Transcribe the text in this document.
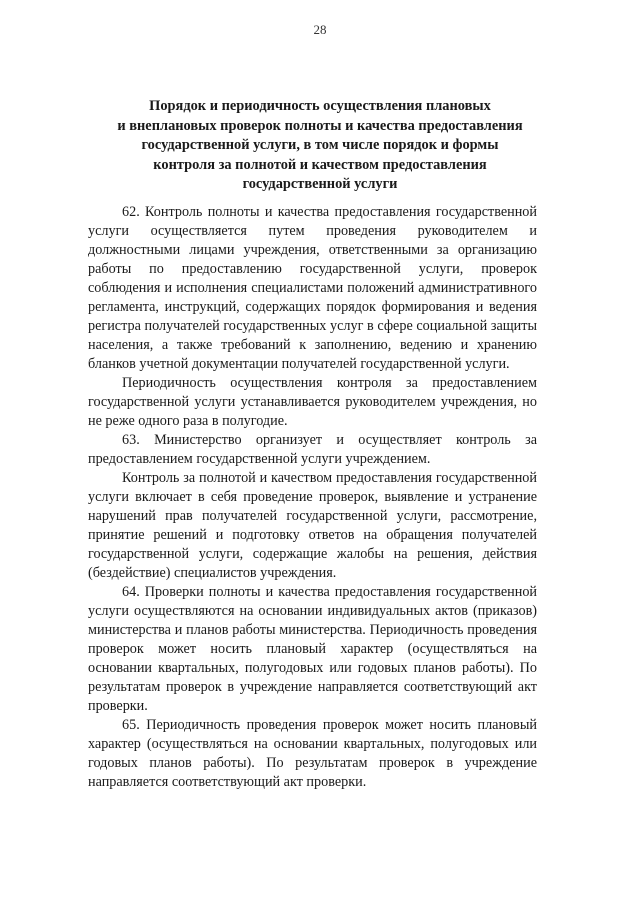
28
Порядок и периодичность осуществления плановых
и внеплановых проверок полноты и качества предоставления
государственной услуги, в том числе порядок и формы
контроля за полнотой и качеством предоставления
государственной услуги

62. Контроль полноты и качества предоставления государственной услуги осуществляется путем проведения руководителем и должностными лицами учреждения, ответственными за организацию работы по предоставлению государственной услуги, проверок соблюдения и исполнения специалистами положений административного регламента, инструкций, содержащих порядок формирования и ведения регистра получателей государственных услуг в сфере социальной защиты населения, а также требований к заполнению, ведению и хранению бланков учетной документации получателей государственной услуги.

Периодичность осуществления контроля за предоставлением государственной услуги устанавливается руководителем учреждения, но не реже одного раза в полугодие.

63. Министерство организует и осуществляет контроль за предоставлением государственной услуги учреждением.

Контроль за полнотой и качеством предоставления государственной услуги включает в себя проведение проверок, выявление и устранение нарушений прав получателей государственной услуги, рассмотрение, принятие решений и подготовку ответов на обращения получателей государственной услуги, содержащие жалобы на решения, действия (бездействие) специалистов учреждения.

64. Проверки полноты и качества предоставления государственной услуги осуществляются на основании индивидуальных актов (приказов) министерства и планов работы министерства. Периодичность проведения проверок может носить плановый характер (осуществляться на основании квартальных, полугодовых или годовых планов работы). По результатам проверок в учреждение направляется соответствующий акт проверки.

65. Периодичность проведения проверок может носить плановый характер (осуществляться на основании квартальных, полугодовых или годовых планов работы). По результатам проверок в учреждение направляется соответствующий акт проверки.
